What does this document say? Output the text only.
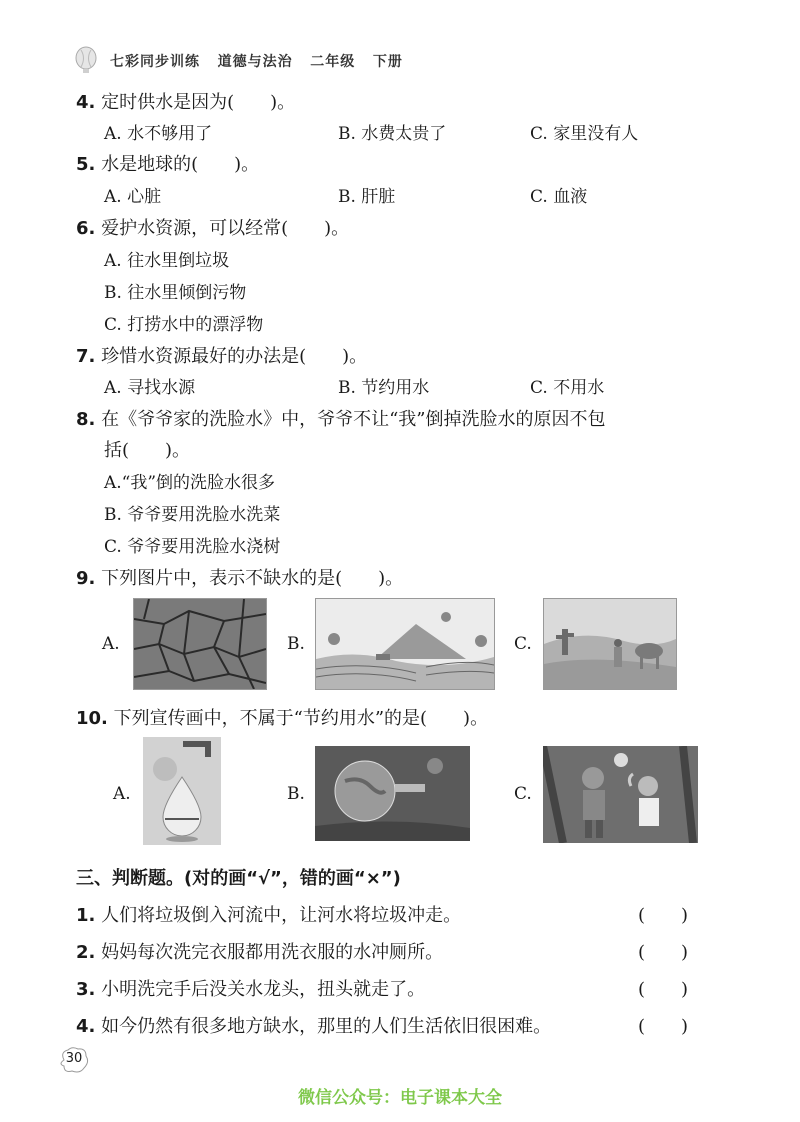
七彩同步训练   道德与法治   二年级   下册
4. 定时供水是因为(　　)。
A. 水不够用了	B. 水费太贵了	C. 家里没有人
5. 水是地球的(　　)。
A. 心脏	B. 肝脏	C. 血液
6. 爱护水资源，可以经常(　　)。
A. 往水里倒垃圾
B. 往水里倾倒污物
C. 打捞水中的漂浮物
7. 珍惜水资源最好的办法是(　　)。
A. 寻找水源	B. 节约用水	C. 不用水
8. 在《爷爷家的洗脸水》中，爷爷不让“我”倒掉洗脸水的原因不包
括(　　)。
A.“我”倒的洗脸水很多
B. 爷爷要用洗脸水洗菜
C. 爷爷要用洗脸水浇树
9. 下列图片中，表示不缺水的是(　　)。
A.	B.	C.
10. 下列宣传画中，不属于“节约用水”的是(　　)。
A.	B.	C.
三、判断题。(对的画“√”，错的画“×”)
1. 人们将垃圾倒入河流中，让河水将垃圾冲走。	(　　)
2. 妈妈每次洗完衣服都用洗衣服的水冲厕所。	(　　)
3. 小明洗完手后没关水龙头，扭头就走了。	(　　)
4. 如今仍然有很多地方缺水，那里的人们生活依旧很困难。	(　　)
30
微信公众号：电子课本大全
